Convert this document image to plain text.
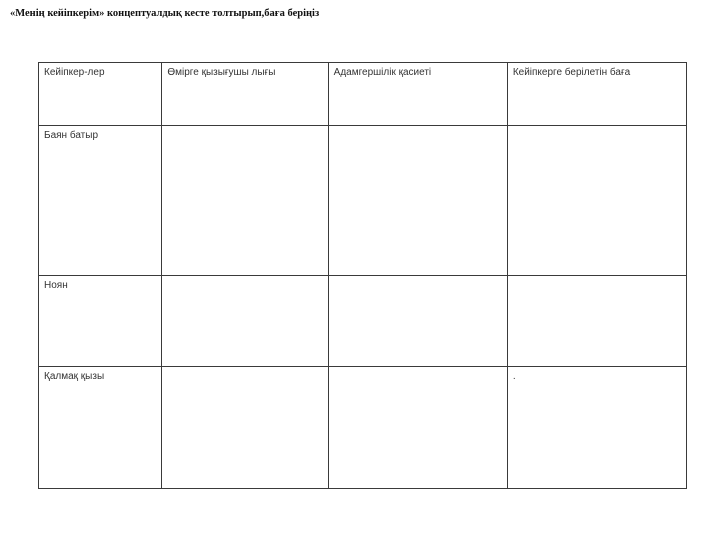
«Менің кейіпкерім» концептуалдық кесте толтырып,баға беріңіз
Кейіпкер-лер	Өмірге қызығушы лығы	Адамгершілік қасиеті	Кейіпкерге берілетін баға
Баян батыр			
Ноян			
Қалмақ қызы			.
